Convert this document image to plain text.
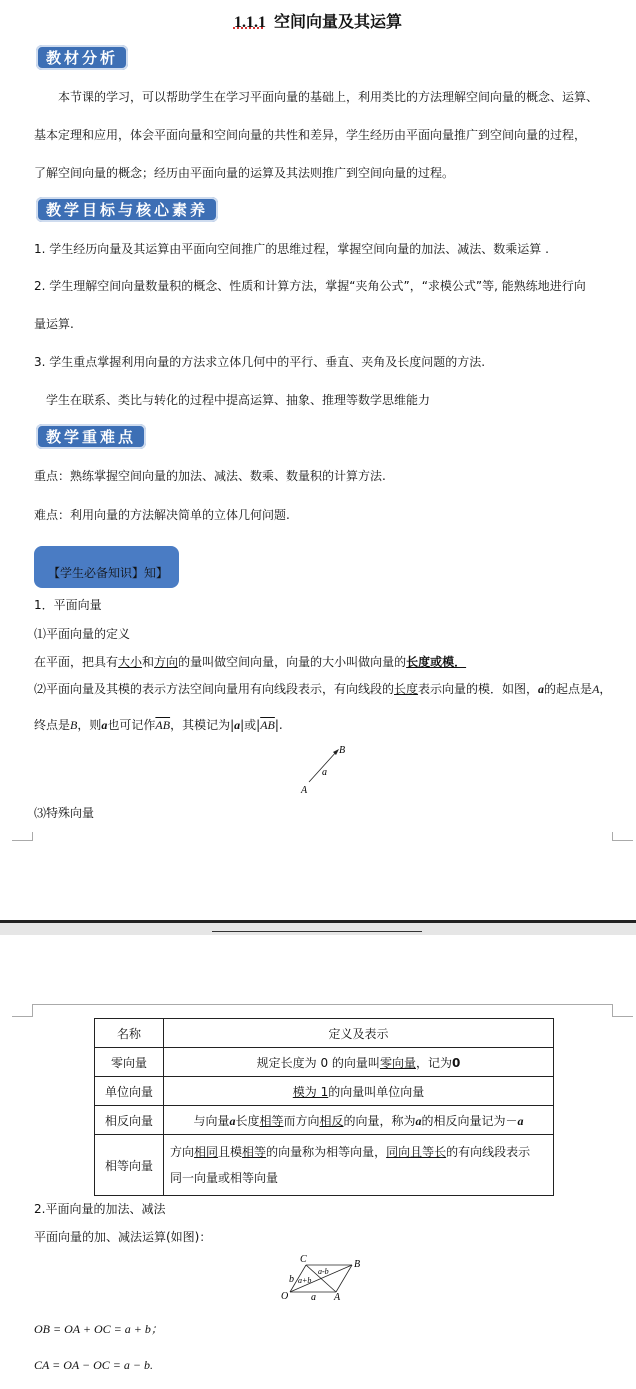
1.1.1 空间向量及其运算
教材分析
本节课的学习，可以帮助学生在学习平面向量的基础上，利用类比的方法理解空间向量的概念、运算、
基本定理和应用，体会平面向量和空间向量的共性和差异，学生经历由平面向量推广到空间向量的过程，
了解空间向量的概念；经历由平面向量的运算及其法则推广到空间向量的过程。
教学目标与核心素养
1. 学生经历向量及其运算由平面向空间推广的思维过程，掌握空间向量的加法、减法、数乘运算 .
2. 学生理解空间向量数量积的概念、性质和计算方法，掌握“夹角公式”，“求模公式”等, 能熟练地进行向
量运算.
3. 学生重点掌握利用向量的方法求立体几何中的平行、垂直、夹角及长度问题的方法.
学生在联系、类比与转化的过程中提高运算、抽象、推理等数学思维能力
教学重难点
重点：熟练掌握空间向量的加法、减法、数乘、数量积的计算方法.
难点：利用向量的方法解决简单的立体几何问题.
【学生必备知识】知】
1．平面向量
⑴平面向量的定义
在平面，把具有大小和方向的量叫做空间向量，向量的大小叫做向量的长度或模．
⑵平面向量及其模的表示方法空间向量用有向线段表示，有向线段的长度表示向量的模．如图，a的起点是A，
终点是B，则a也可记作$\overline{AB}$，其模记为|a|或$|\overline{AB}|$.
A
B
a
⑶特殊向量
名称	定义及表示
零向量	规定长度为 0 的向量叫零向量，记为0
单位向量	模为 1的向量叫单位向量
相反向量	与向量a长度相等而方向相反的向量，称为a的相反向量记为－a
相等向量	方向相同且模相等的向量称为相等向量，同向且等长的有向线段表示
同一向量或相等向量
2.平面向量的加法、减法
平面向量的加、减法运算(如图)：
C	B
O	A
a
b a+b
a-b
OB = OA + OC = a + b；
CA = OA − OC = a − b.
